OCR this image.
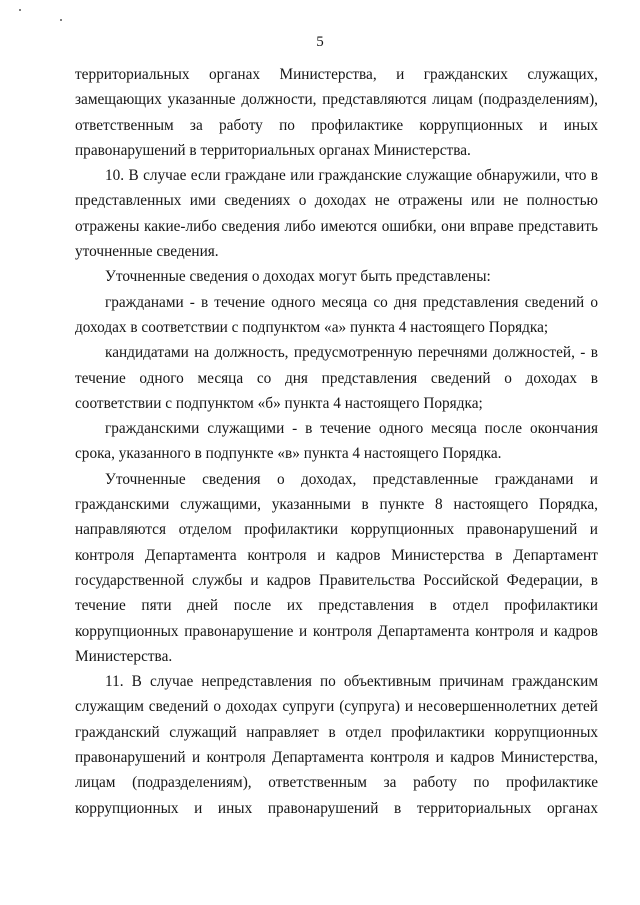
5

территориальных органах Министерства, и гражданских служащих, замещающих указанные должности, представляются лицам (подразделениям), ответственным за работу по профилактике коррупционных и иных правонарушений в территориальных органах Министерства.

10. В случае если граждане или гражданские служащие обнаружили, что в представленных ими сведениях о доходах не отражены или не полностью отражены какие-либо сведения либо имеются ошибки, они вправе представить уточненные сведения.

Уточненные сведения о доходах могут быть представлены:

гражданами - в течение одного месяца со дня представления сведений о доходах в соответствии с подпунктом «а» пункта 4 настоящего Порядка;

кандидатами на должность, предусмотренную перечнями должностей, - в течение одного месяца со дня представления сведений о доходах в соответствии с подпунктом «б» пункта 4 настоящего Порядка;

гражданскими служащими - в течение одного месяца после окончания срока, указанного в подпункте «в» пункта 4 настоящего Порядка.

Уточненные сведения о доходах, представленные гражданами и гражданскими служащими, указанными в пункте 8 настоящего Порядка, направляются отделом профилактики коррупционных правонарушений и контроля Департамента контроля и кадров Министерства в Департамент государственной службы и кадров Правительства Российской Федерации, в течение пяти дней после их представления в отдел профилактики коррупционных правонарушение и контроля Департамента контроля и кадров Министерства.

11. В случае непредставления по объективным причинам гражданским служащим сведений о доходах супруги (супруга) и несовершеннолетних детей гражданский служащий направляет в отдел профилактики коррупционных правонарушений и контроля Департамента контроля и кадров Министерства, лицам (подразделениям), ответственным за работу по профилактике коррупционных и иных правонарушений в территориальных органах
